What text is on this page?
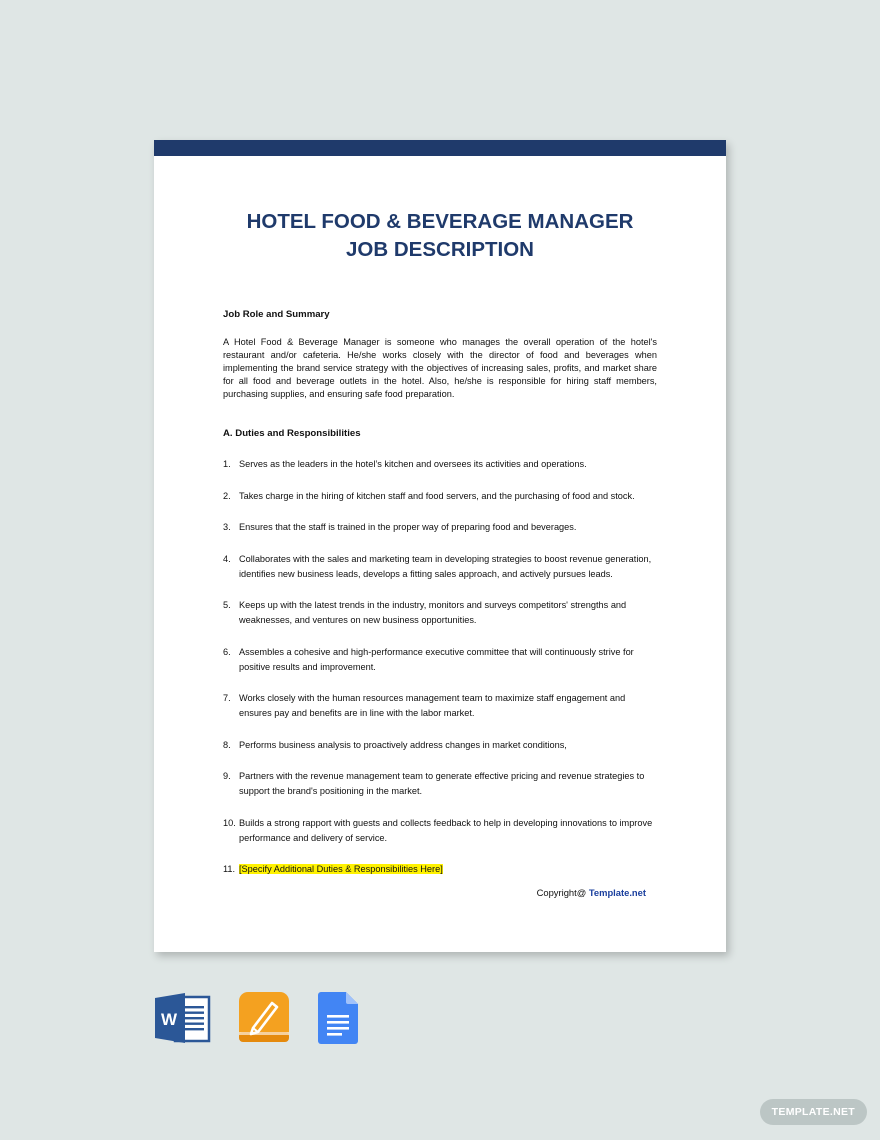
HOTEL FOOD & BEVERAGE MANAGER
JOB DESCRIPTION
Job Role and Summary
A Hotel Food & Beverage Manager is someone who manages the overall operation of the hotel's restaurant and/or cafeteria. He/she works closely with the director of food and beverages when implementing the brand service strategy with the objectives of increasing sales, profits, and market share for all food and beverage outlets in the hotel. Also, he/she is responsible for hiring staff members, purchasing supplies, and ensuring safe food preparation.
A. Duties and Responsibilities
1. Serves as the leaders in the hotel’s kitchen and oversees its activities and operations.
2. Takes charge in the hiring of kitchen staff and food servers, and the purchasing of food and stock.
3. Ensures that the staff is trained in the proper way of preparing food and beverages.
4. Collaborates with the sales and marketing team in developing strategies to boost revenue generation, identifies new business leads, develops a fitting sales approach, and actively pursues leads.
5. Keeps up with the latest trends in the industry, monitors and surveys competitors' strengths and weaknesses, and ventures on new business opportunities.
6. Assembles a cohesive and high-performance executive committee that will continuously strive for positive results and improvement.
7. Works closely with the human resources management team to maximize staff engagement and ensures pay and benefits are in line with the labor market.
8. Performs business analysis to proactively address changes in market conditions,
9. Partners with the revenue management team to generate effective pricing and revenue strategies to support the brand's positioning in the market.
10. Builds a strong rapport with guests and collects feedback to help in developing innovations to improve performance and delivery of service.
11. [Specify Additional Duties & Responsibilities Here]
Copyright@ Template.net
W
TEMPLATE.NET
